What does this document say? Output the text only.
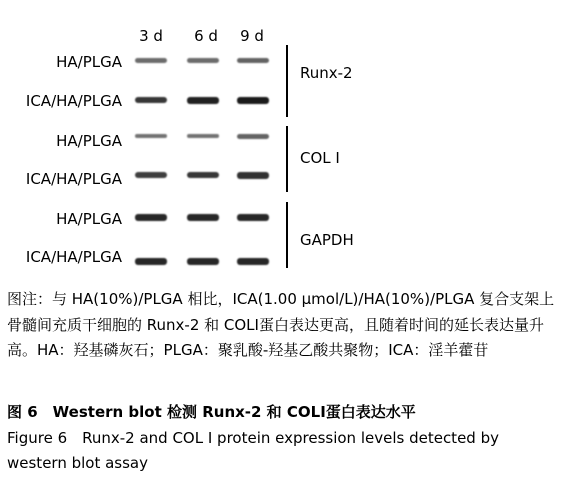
3 d	6 d	9 d
HA/PLGA
ICA/HA/PLGA
HA/PLGA
ICA/HA/PLGA
HA/PLGA
ICA/HA/PLGA
Runx-2
COL Ⅰ
GAPDH
图注：与 HA(10%)/PLGA 相比，ICA(1.00 μmol/L)/HA(10%)/PLGA 复合支架上骨髓间充质干细胞的 Runx-2 和 COLⅠ蛋白表达更高，且随着时间的延长表达量升高。HA：羟基磷灰石；PLGA：聚乳酸-羟基乙酸共聚物；ICA：淫羊藿苷
图 6　Western blot 检测 Runx-2 和 COLⅠ蛋白表达水平
Figure 6　Runx-2 and COL I protein expression levels detected by western blot assay
